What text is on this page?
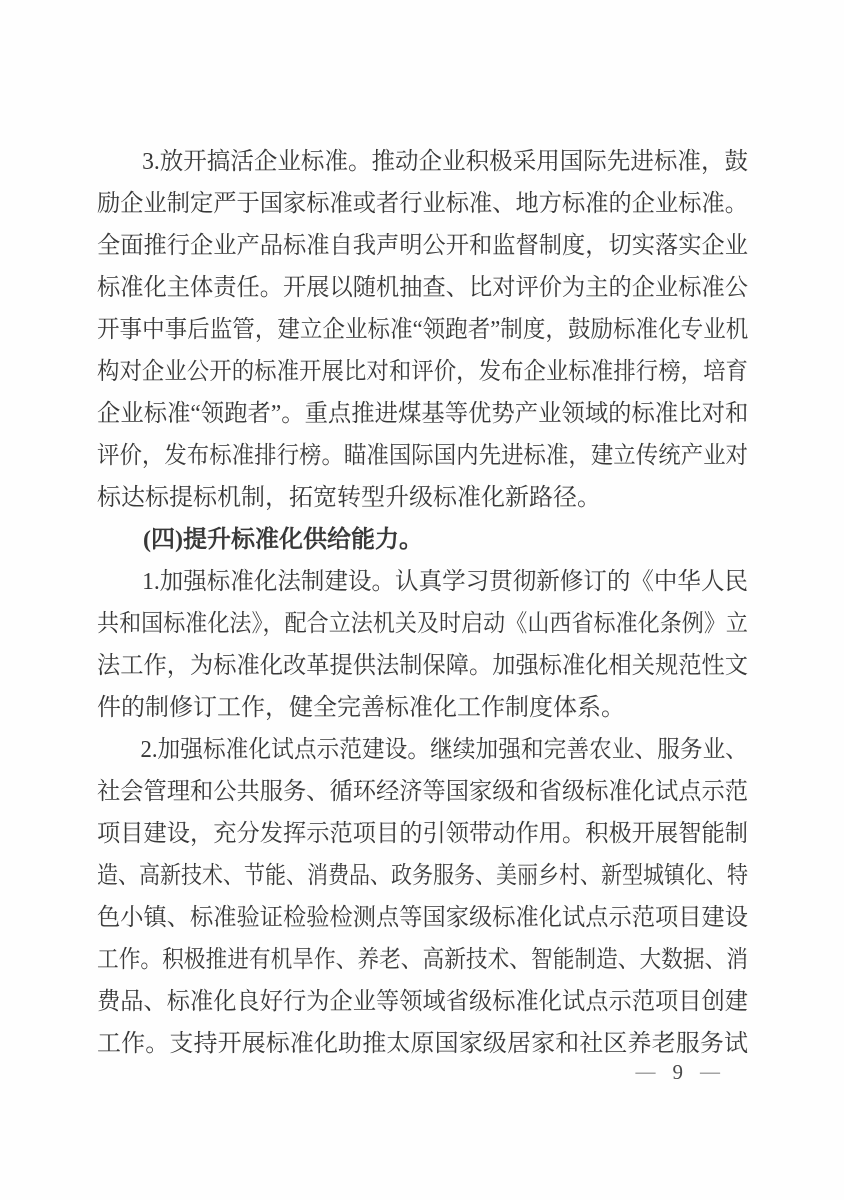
3.放开搞活企业标准。推动企业积极采用国际先进标准，鼓
励企业制定严于国家标准或者行业标准、地方标准的企业标准。
全面推行企业产品标准自我声明公开和监督制度，切实落实企业
标准化主体责任。开展以随机抽查、比对评价为主的企业标准公
开事中事后监管，建立企业标准“领跑者”制度，鼓励标准化专业机
构对企业公开的标准开展比对和评价，发布企业标准排行榜，培育
企业标准“领跑者”。重点推进煤基等优势产业领域的标准比对和
评价，发布标准排行榜。瞄准国际国内先进标准，建立传统产业对
标达标提标机制，拓宽转型升级标准化新路径。
(四)提升标准化供给能力。
1.加强标准化法制建设。认真学习贯彻新修订的《中华人民
共和国标准化法》，配合立法机关及时启动《山西省标准化条例》立
法工作，为标准化改革提供法制保障。加强标准化相关规范性文
件的制修订工作，健全完善标准化工作制度体系。
2.加强标准化试点示范建设。继续加强和完善农业、服务业、
社会管理和公共服务、循环经济等国家级和省级标准化试点示范
项目建设，充分发挥示范项目的引领带动作用。积极开展智能制
造、高新技术、节能、消费品、政务服务、美丽乡村、新型城镇化、特
色小镇、标准验证检验检测点等国家级标准化试点示范项目建设
工作。积极推进有机旱作、养老、高新技术、智能制造、大数据、消
费品、标准化良好行为企业等领域省级标准化试点示范项目创建
工作。支持开展标准化助推太原国家级居家和社区养老服务试
— 9 —
